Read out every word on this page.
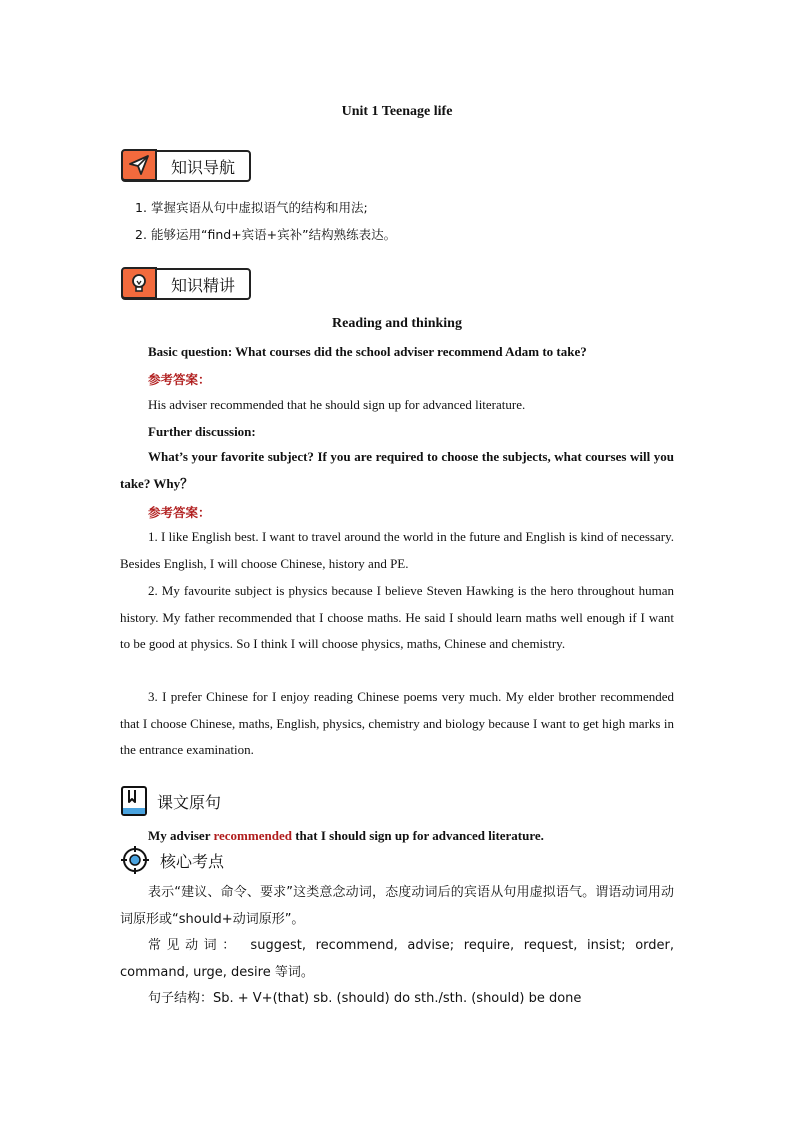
Unit 1 Teenage life
知识导航
1. 掌握宾语从句中虚拟语气的结构和用法;
2. 能够运用“find+宾语+宾补”结构熟练表达。
知识精讲
Reading and thinking
Basic question: What courses did the school adviser recommend Adam to take?
参考答案：
His adviser recommended that he should sign up for advanced literature.
Further discussion:
What’s your favorite subject? If you are required to choose the subjects, what courses will you take? Why？
参考答案：
1. I like English best. I want to travel around the world in the future and English is kind of necessary. Besides English, I will choose Chinese, history and PE.
2. My favourite subject is physics because I believe Steven Hawking is the hero throughout human history. My father recommended that I choose maths. He said I should learn maths well enough if I want to be good at physics. So I think I will choose physics, maths, Chinese and chemistry.
3. I prefer Chinese for I enjoy reading Chinese poems very much. My elder brother recommended that I choose Chinese, maths, English, physics, chemistry and biology because I want to get high marks in the entrance examination.
课文原句
My adviser recommended that I should sign up for advanced literature.
核心考点
表示“建议、命令、要求”这类意念动词，态度动词后的宾语从句用虚拟语气。谓语动词用动词原形或“should+动词原形”。
常见动词： suggest, recommend, advise; require, request, insist; order, command, urge, desire 等词。
句子结构：Sb. + V+(that) sb. (should) do sth./sth. (should) be done
